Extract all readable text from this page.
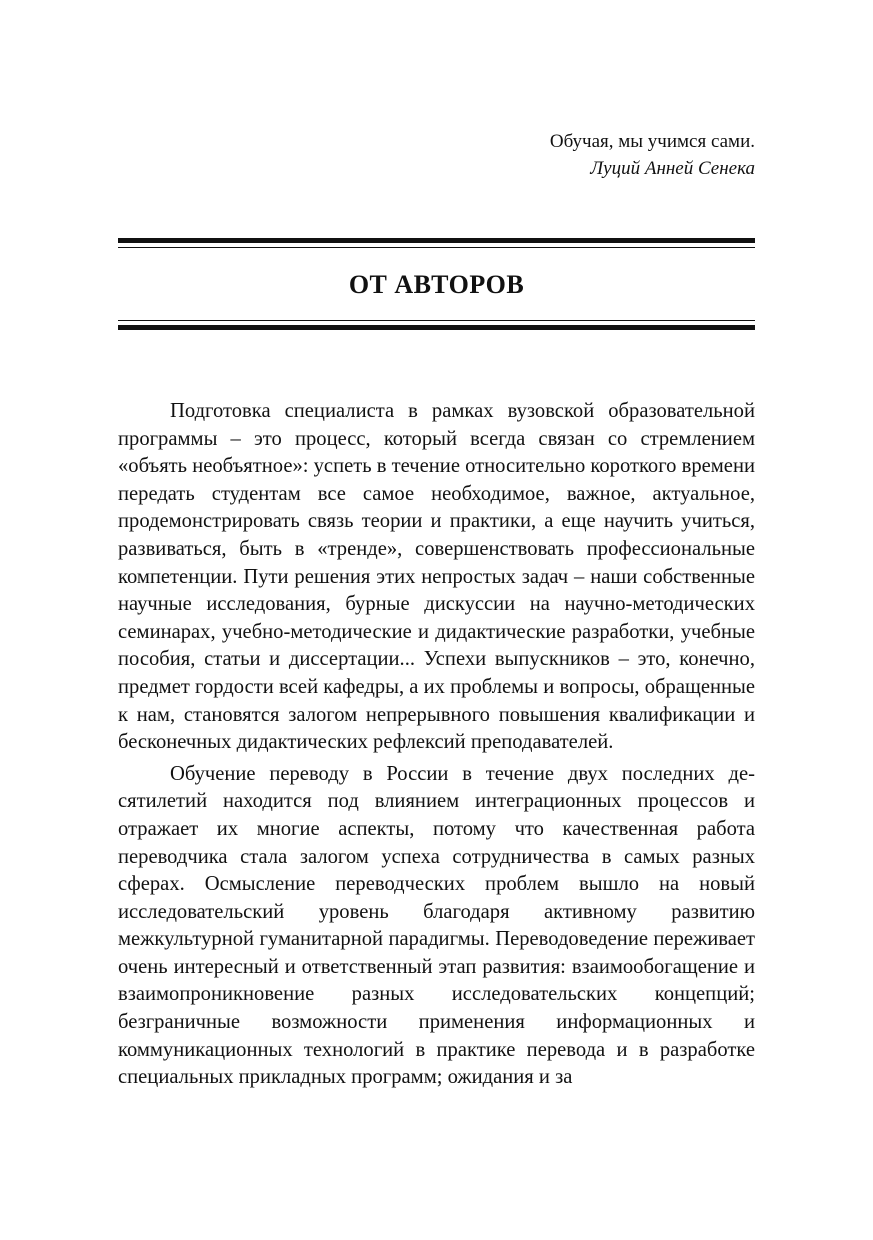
Обучая, мы учимся сами.
Луций Анней Сенека
ОТ АВТОРОВ

Подготовка специалиста в рамках вузовской образовательной программы – это процесс, который всегда связан со стремлением «объять необъятное»: успеть в течение относительно короткого времени передать студентам все самое необходимое, важное, актуальное, продемонстрировать связь теории и практики, а еще научить учиться, развиваться, быть в «тренде», совершенствовать профессиональные компетенции. Пути решения этих непростых задач – наши собственные научные исследования, бурные дискуссии на научно-методических семинарах, учебно-методические и дидактические разработки, учебные пособия, статьи и диссертации... Успехи выпускников – это, конечно, предмет гордости всей кафедры, а их проблемы и вопросы, обращенные к нам, становятся залогом непрерывного повышения квалификации и бесконечных дидактических рефлексий преподавателей.

Обучение переводу в России в течение двух последних десятилетий находится под влиянием интеграционных процессов и отражает их многие аспекты, потому что качественная работа переводчика стала залогом успеха сотрудничества в самых разных сферах. Осмысление переводческих проблем вышло на новый исследовательский уровень благодаря активному развитию межкультурной гуманитарной парадигмы. Переводоведение переживает очень интересный и ответственный этап развития: взаимообогащение и взаимопроникновение разных исследовательских концепций; безграничные возможности применения информационных и коммуникационных технологий в практике перевода и в разработке специальных прикладных программ; ожидания и за
